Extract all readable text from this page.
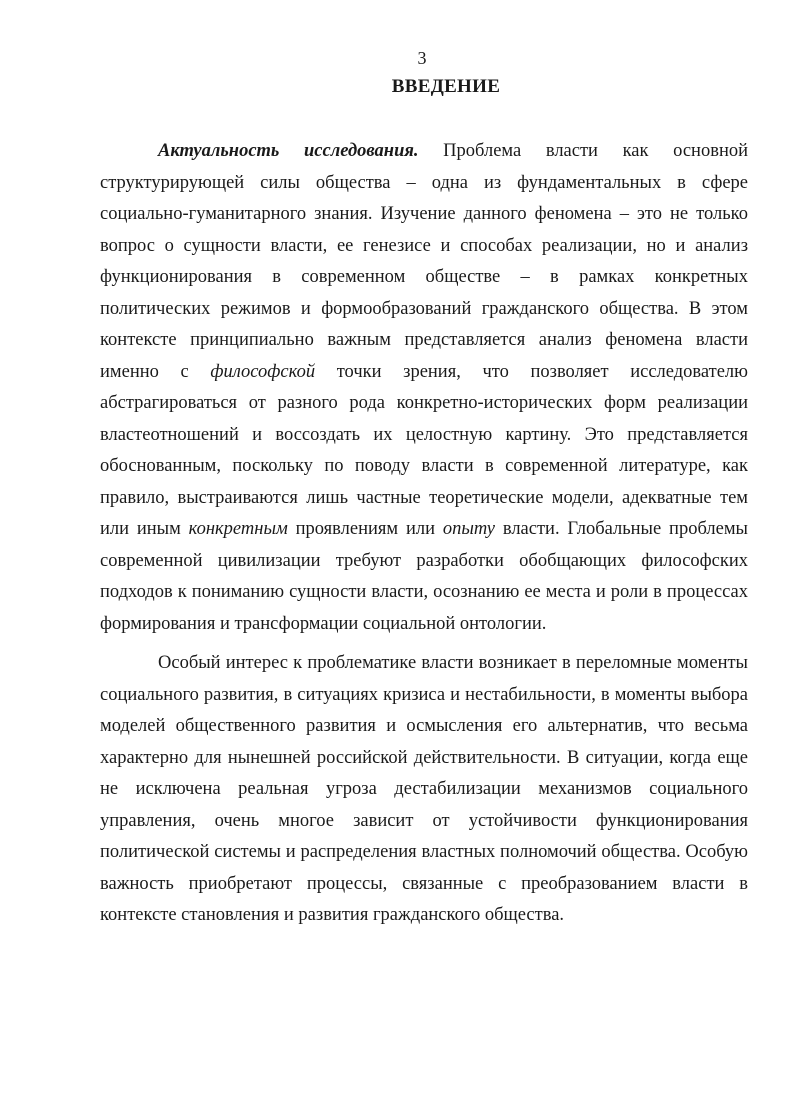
3

ВВЕДЕНИЕ

Актуальность исследования. Проблема власти как основной структурирующей силы общества – одна из фундаментальных в сфере социально-гуманитарного знания. Изучение данного феномена – это не только вопрос о сущности власти, ее генезисе и способах реализации, но и анализ функционирования в современном обществе – в рамках конкретных политических режимов и формообразований гражданского общества. В этом контексте принципиально важным представляется анализ феномена власти именно с философской точки зрения, что позволяет исследователю абстрагироваться от разного рода конкретно-исторических форм реализации властеотношений и воссоздать их целостную картину. Это представляется обоснованным, поскольку по поводу власти в современной литературе, как правило, выстраиваются лишь частные теоретические модели, адекватные тем или иным конкретным проявлениям или опыту власти. Глобальные проблемы современной цивилизации требуют разработки обобщающих философских подходов к пониманию сущности власти, осознанию ее места и роли в процессах формирования и трансформации социальной онтологии.

Особый интерес к проблематике власти возникает в переломные моменты социального развития, в ситуациях кризиса и нестабильности, в моменты выбора моделей общественного развития и осмысления его альтернатив, что весьма характерно для нынешней российской действительности. В ситуации, когда еще не исключена реальная угроза дестабилизации механизмов социального управления, очень многое зависит от устойчивости функционирования политической системы и распределения властных полномочий общества. Особую важность приобретают процессы, связанные с преобразованием власти в контексте становления и развития гражданского общества.
